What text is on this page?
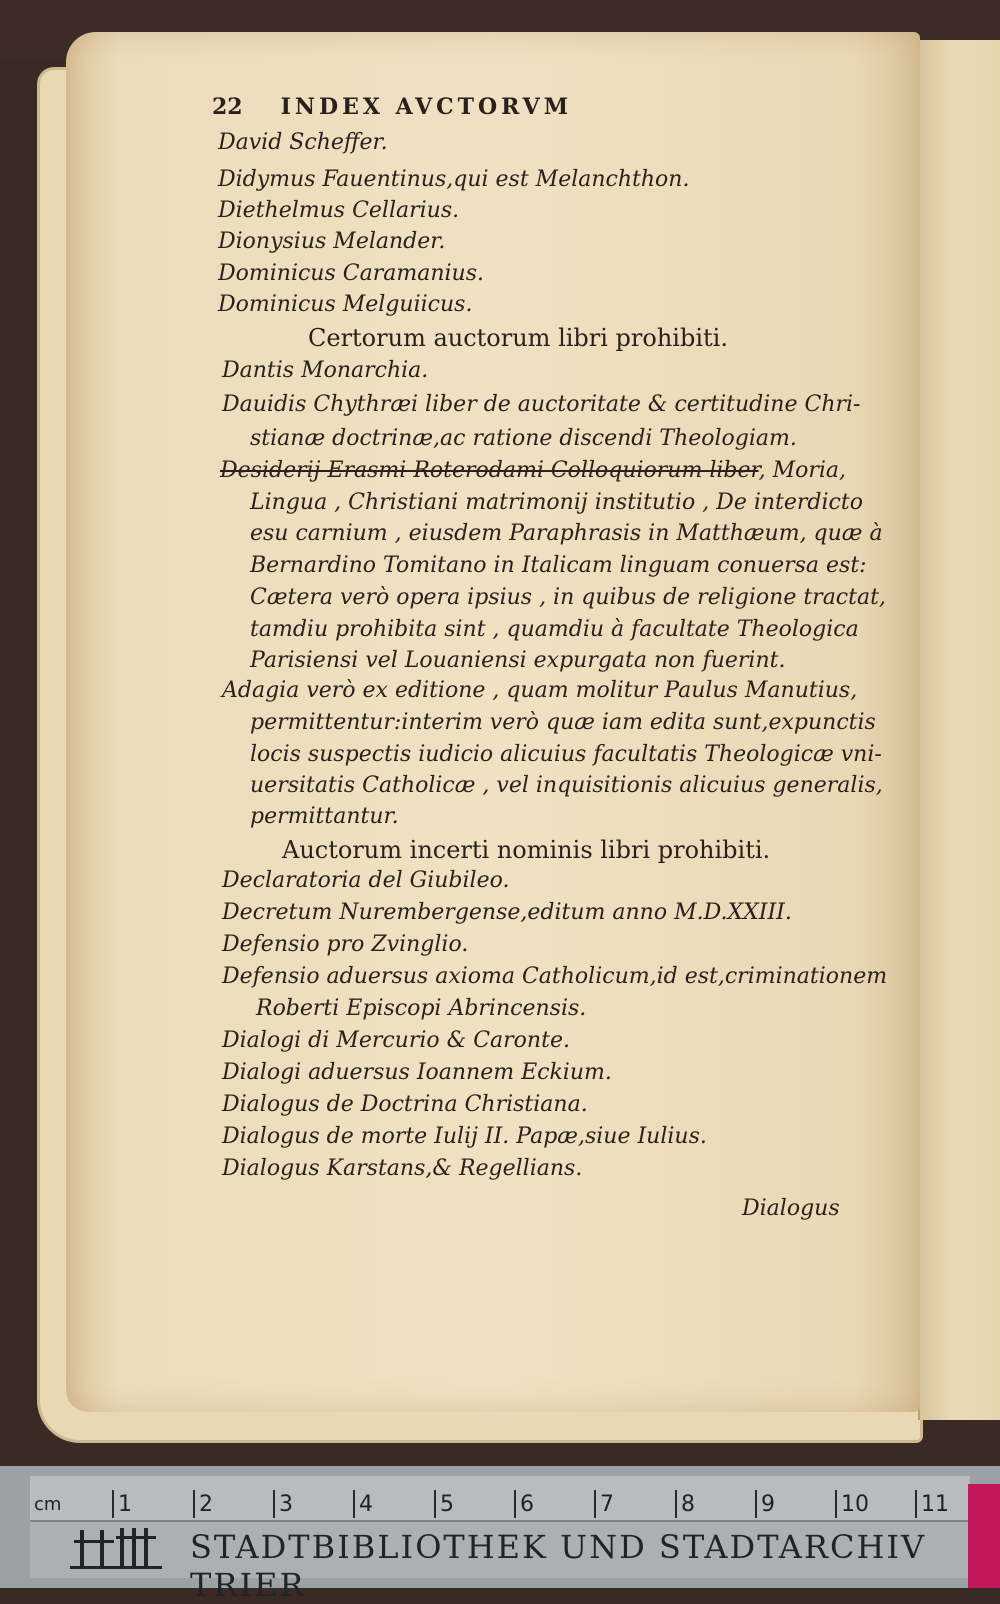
22 INDEX AVCTORVM
David Scheffer.
Didymus Fauentinus,qui est Melanchthon.
Diethelmus Cellarius.
Dionysius Melander.
Dominicus Caramanius.
Dominicus Melguiicus.
Certorum auctorum libri prohibiti.
Dantis Monarchia.
Dauidis Chythræi liber de auctoritate & certitudine Chri-
stianæ doctrinæ,ac ratione discendi Theologiam.
Desiderij Erasmi Roterodami Colloquiorum liber, Moria,
Lingua , Christiani matrimonij institutio , De interdicto
esu carnium , eiusdem Paraphrasis in Matthæum, quæ à
Bernardino Tomitano in Italicam linguam conuersa est:
Cætera verò opera ipsius , in quibus de religione tractat,
tamdiu prohibita sint , quamdiu à facultate Theologica
Parisiensi vel Louaniensi expurgata non fuerint.
Adagia verò ex editione , quam molitur Paulus Manutius,
permittentur:interim verò quæ iam edita sunt,expunctis
locis suspectis iudicio alicuius facultatis Theologicæ vni-
uersitatis Catholicæ , vel inquisitionis alicuius generalis,
permittantur.
Auctorum incerti nominis libri prohibiti.
Declaratoria del Giubileo.
Decretum Nurembergense,editum anno M.D.XXIII.
Defensio pro Zvinglio.
Defensio aduersus axioma Catholicum,id est,criminationem
Roberti Episcopi Abrincensis.
Dialogi di Mercurio & Caronte.
Dialogi aduersus Ioannem Eckium.
Dialogus de Doctrina Christiana.
Dialogus de morte Iulij II. Papæ,siue Iulius.
Dialogus Karstans,& Regellians.
Dialogus
cm	1	2	3	4	5	6	7	8	9	10 11
STADTBIBLIOTHEK UND STADTARCHIV TRIER
